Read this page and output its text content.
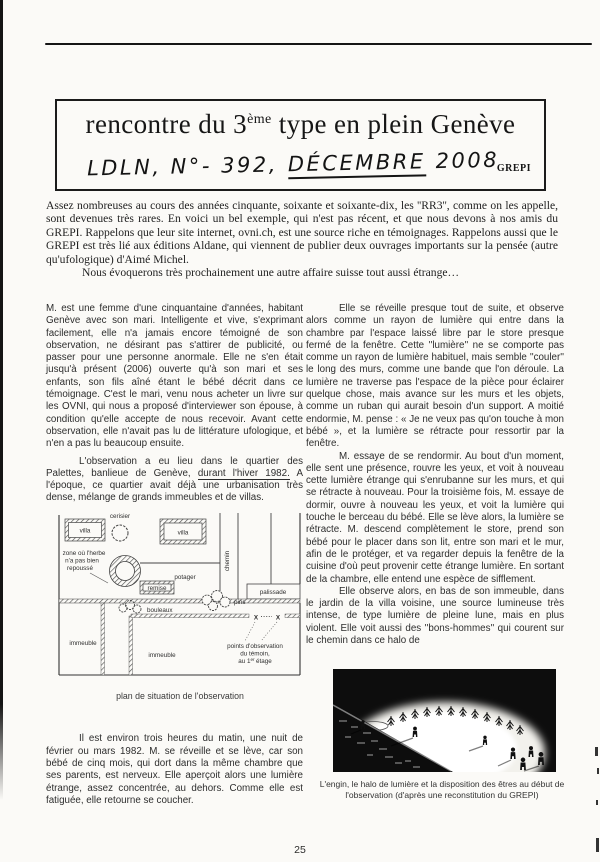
rencontre du 3ème type en plein Genève
LDLN, N°- 392, DÉCEMBRE 2008
GREPI

Assez nombreuses au cours des années cinquante, soixante et soixante-dix, les ''RR3'', comme on les appelle, sont devenues très rares. En voici un bel exemple, qui n'est pas récent, et que nous devons à nos amis du GREPI. Rappelons que leur site internet, ovni.ch, est une source riche en témoignages. Rappelons aussi que le GREPI est très lié aux éditions Aldane, qui viennent de publier deux ouvrages importants sur la pensée (autre qu'ufologique) d'Aimé Michel.

Nous évoquerons très prochainement une autre affaire suisse tout aussi étrange…

M. est une femme d'une cinquantaine d'années, habitant Genève avec son mari. Intelligente et vive, s'exprimant facilement, elle n'a jamais encore témoigné de son observation, ne désirant pas s'attirer de publicité, ou passer pour une personne anormale. Elle ne s'en était jusqu'à présent (2006) ouverte qu'à son mari et ses enfants, son fils aîné étant le bébé décrit dans ce témoignage. C'est le mari, venu nous acheter un livre sur les OVNI, qui nous a proposé d'interviewer son épouse, à condition qu'elle accepte de nous recevoir. Avant cette observation, elle n'avait pas lu de littérature ufologique, et n'en a pas lu beaucoup ensuite.

L'observation a eu lieu dans le quartier des Palettes, banlieue de Genève, durant l'hiver 1982. A l'époque, ce quartier avait déjà une urbanisation très dense, mélange de grands immeubles et de villas.

villa
cerisier
villa
chemin
zone où l'herbe
n'a pas bien
repoussé
potager
remise
palissade
bouleaux
pins
immeuble
immeuble
X	X
points d'observation
du témoin,
au 1er étage
plan de situation de l'observation

Il est environ trois heures du matin, une nuit de février ou mars 1982. M. se réveille et se lève, car son bébé de cinq mois, qui dort dans la même chambre que ses parents, est nerveux. Elle aperçoit alors une lumière étrange, assez concentrée, au dehors. Comme elle est fatiguée, elle retourne se coucher.

Elle se réveille presque tout de suite, et observe alors comme un rayon de lumière qui entre dans la chambre par l'espace laissé libre par le store presque fermé de la fenêtre. Cette ''lumière'' ne se comporte pas comme un rayon de lumière habituel, mais semble ''couler'' le long des murs, comme une bande que l'on déroule. La lumière ne traverse pas l'espace de la pièce pour éclairer quelque chose, mais avance sur les murs et les objets, comme un ruban qui aurait besoin d'un support. A moitié endormie, M. pense : « Je ne veux pas qu'on touche à mon bébé », et la lumière se rétracte pour ressortir par la fenêtre.

M. essaye de se rendormir. Au bout d'un moment, elle sent une présence, rouvre les yeux, et voit à nouveau cette lumière étrange qui s'enrubanne sur les murs, et qui se rétracte à nouveau. Pour la troisième fois, M. essaye de dormir, ouvre à nouveau les yeux, et voit la lumière qui touche le berceau du bébé. Elle se lève alors, la lumière se rétracte. M. descend complètement le store, prend son bébé pour le placer dans son lit, entre son mari et le mur, afin de le protéger, et va regarder depuis la fenêtre de la cuisine d'où peut provenir cette étrange lumière. En sortant de la chambre, elle entend une espèce de sifflement.

Elle observe alors, en bas de son immeuble, dans le jardin de la villa voisine, une source lumineuse très intense, de type lumière de pleine lune, mais en plus violent. Elle voit aussi des ''bons-hommes'' qui courent sur le chemin dans ce halo de

L'engin, le halo de lumière et la disposition des êtres au début de l'observation (d'après une reconstitution du GREPI)
25
